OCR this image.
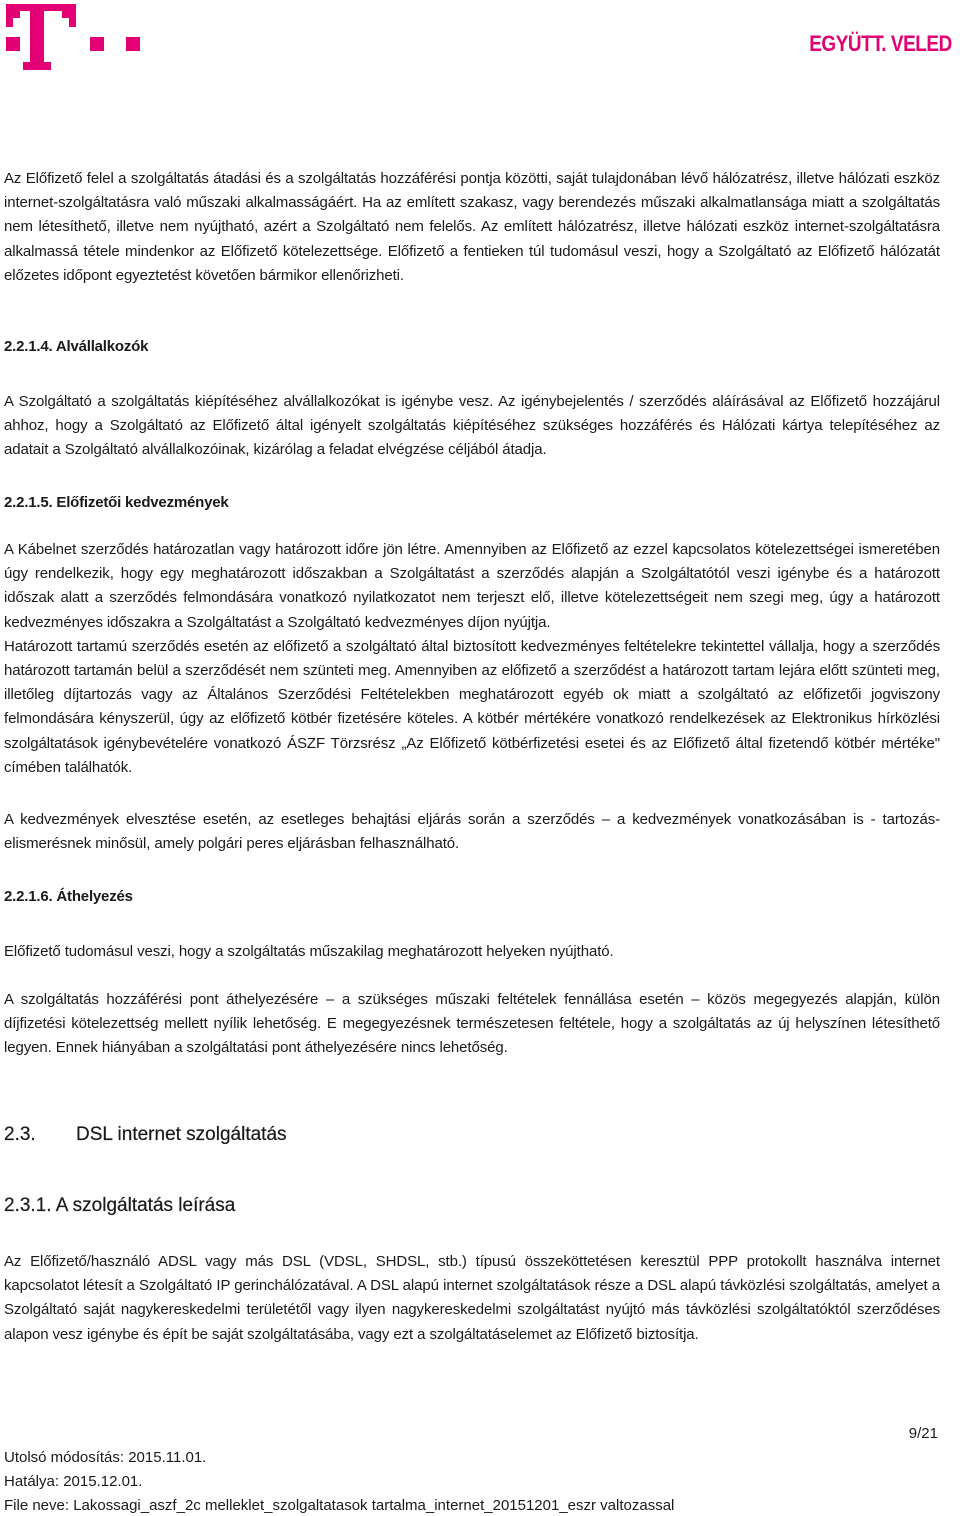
EGYÜTT. VELED

Az Előfizető felel a szolgáltatás átadási és a szolgáltatás hozzáférési pontja közötti, saját tulajdonában lévő hálózatrész, illetve hálózati eszköz internet-szolgáltatásra való műszaki alkalmasságáért. Ha az említett szakasz, vagy berendezés műszaki alkalmatlansága miatt a szolgáltatás nem létesíthető, illetve nem nyújtható, azért a Szolgáltató nem felelős. Az említett hálózatrész, illetve hálózati eszköz internet-szolgáltatásra alkalmassá tétele mindenkor az Előfizető kötelezettsége. Előfizető a fentieken túl tudomásul veszi, hogy a Szolgáltató az Előfizető hálózatát előzetes időpont egyeztetést követően bármikor ellenőrizheti.

2.2.1.4. Alvállalkozók

A Szolgáltató a szolgáltatás kiépítéséhez alvállalkozókat is igénybe vesz. Az igénybejelentés / szerződés aláírásával az Előfizető hozzájárul ahhoz, hogy a Szolgáltató az Előfizető által igényelt szolgáltatás kiépítéséhez szükséges hozzáférés és Hálózati kártya telepítéséhez az adatait a Szolgáltató alvállalkozóinak, kizárólag a feladat elvégzése céljából átadja.

2.2.1.5. Előfizetői kedvezmények

A Kábelnet szerződés határozatlan vagy határozott időre jön létre. Amennyiben az Előfizető az ezzel kapcsolatos kötelezettségei ismeretében úgy rendelkezik, hogy egy meghatározott időszakban a Szolgáltatást a szerződés alapján a Szolgáltatótól veszi igénybe és a határozott időszak alatt a szerződés felmondására vonatkozó nyilatkozatot nem terjeszt elő, illetve kötelezettségeit nem szegi meg, úgy a határozott kedvezményes időszakra a Szolgáltatást a Szolgáltató kedvezményes díjon nyújtja.

Határozott tartamú szerződés esetén az előfizető a szolgáltató által biztosított kedvezményes feltételekre tekintettel vállalja, hogy a szerződés határozott tartamán belül a szerződését nem szünteti meg. Amennyiben az előfizető a szerződést a határozott tartam lejára előtt szünteti meg, illetőleg díjtartozás vagy az Általános Szerződési Feltételekben meghatározott egyéb ok miatt a szolgáltató az előfizetői jogviszony felmondására kényszerül, úgy az előfizető kötbér fizetésére köteles. A kötbér mértékére vonatkozó rendelkezések az Elektronikus hírközlési szolgáltatások igénybevételére vonatkozó ÁSZF Törzsrész „Az Előfizető kötbérfizetési esetei és az Előfizető által fizetendő kötbér mértéke" címében találhatók.

A kedvezmények elvesztése esetén, az esetleges behajtási eljárás során a szerződés – a kedvezmények vonatkozásában is - tartozás-elismerésnek minősül, amely polgári peres eljárásban felhasználható.

2.2.1.6. Áthelyezés

Előfizető tudomásul veszi, hogy a szolgáltatás műszakilag meghatározott helyeken nyújtható.

A szolgáltatás hozzáférési pont áthelyezésére – a szükséges műszaki feltételek fennállása esetén – közös megegyezés alapján, külön díjfizetési kötelezettség mellett nyílik lehetőség. E megegyezésnek természetesen feltétele, hogy a szolgáltatás az új helyszínen létesíthető legyen. Ennek hiányában a szolgáltatási pont áthelyezésére nincs lehetőség.

2.3. DSL internet szolgáltatás
2.3.1. A szolgáltatás leírása

Az Előfizető/használó ADSL vagy más DSL (VDSL, SHDSL, stb.) típusú összeköttetésen keresztül PPP protokollt használva internet kapcsolatot létesít a Szolgáltató IP gerinchálózatával. A DSL alapú internet szolgáltatások része a DSL alapú távközlési szolgáltatás, amelyet a Szolgáltató saját nagykereskedelmi területétől vagy ilyen nagykereskedelmi szolgáltatást nyújtó más távközlési szolgáltatóktól szerződéses alapon vesz igénybe és épít be saját szolgáltatásába, vagy ezt a szolgáltatáselemet az Előfizető biztosítja.

9/21
Utolsó módosítás: 2015.11.01.
Hatálya: 2015.12.01.
File neve: Lakossagi_aszf_2c melleklet_szolgaltatasok tartalma_internet_20151201_eszr valtozassal
